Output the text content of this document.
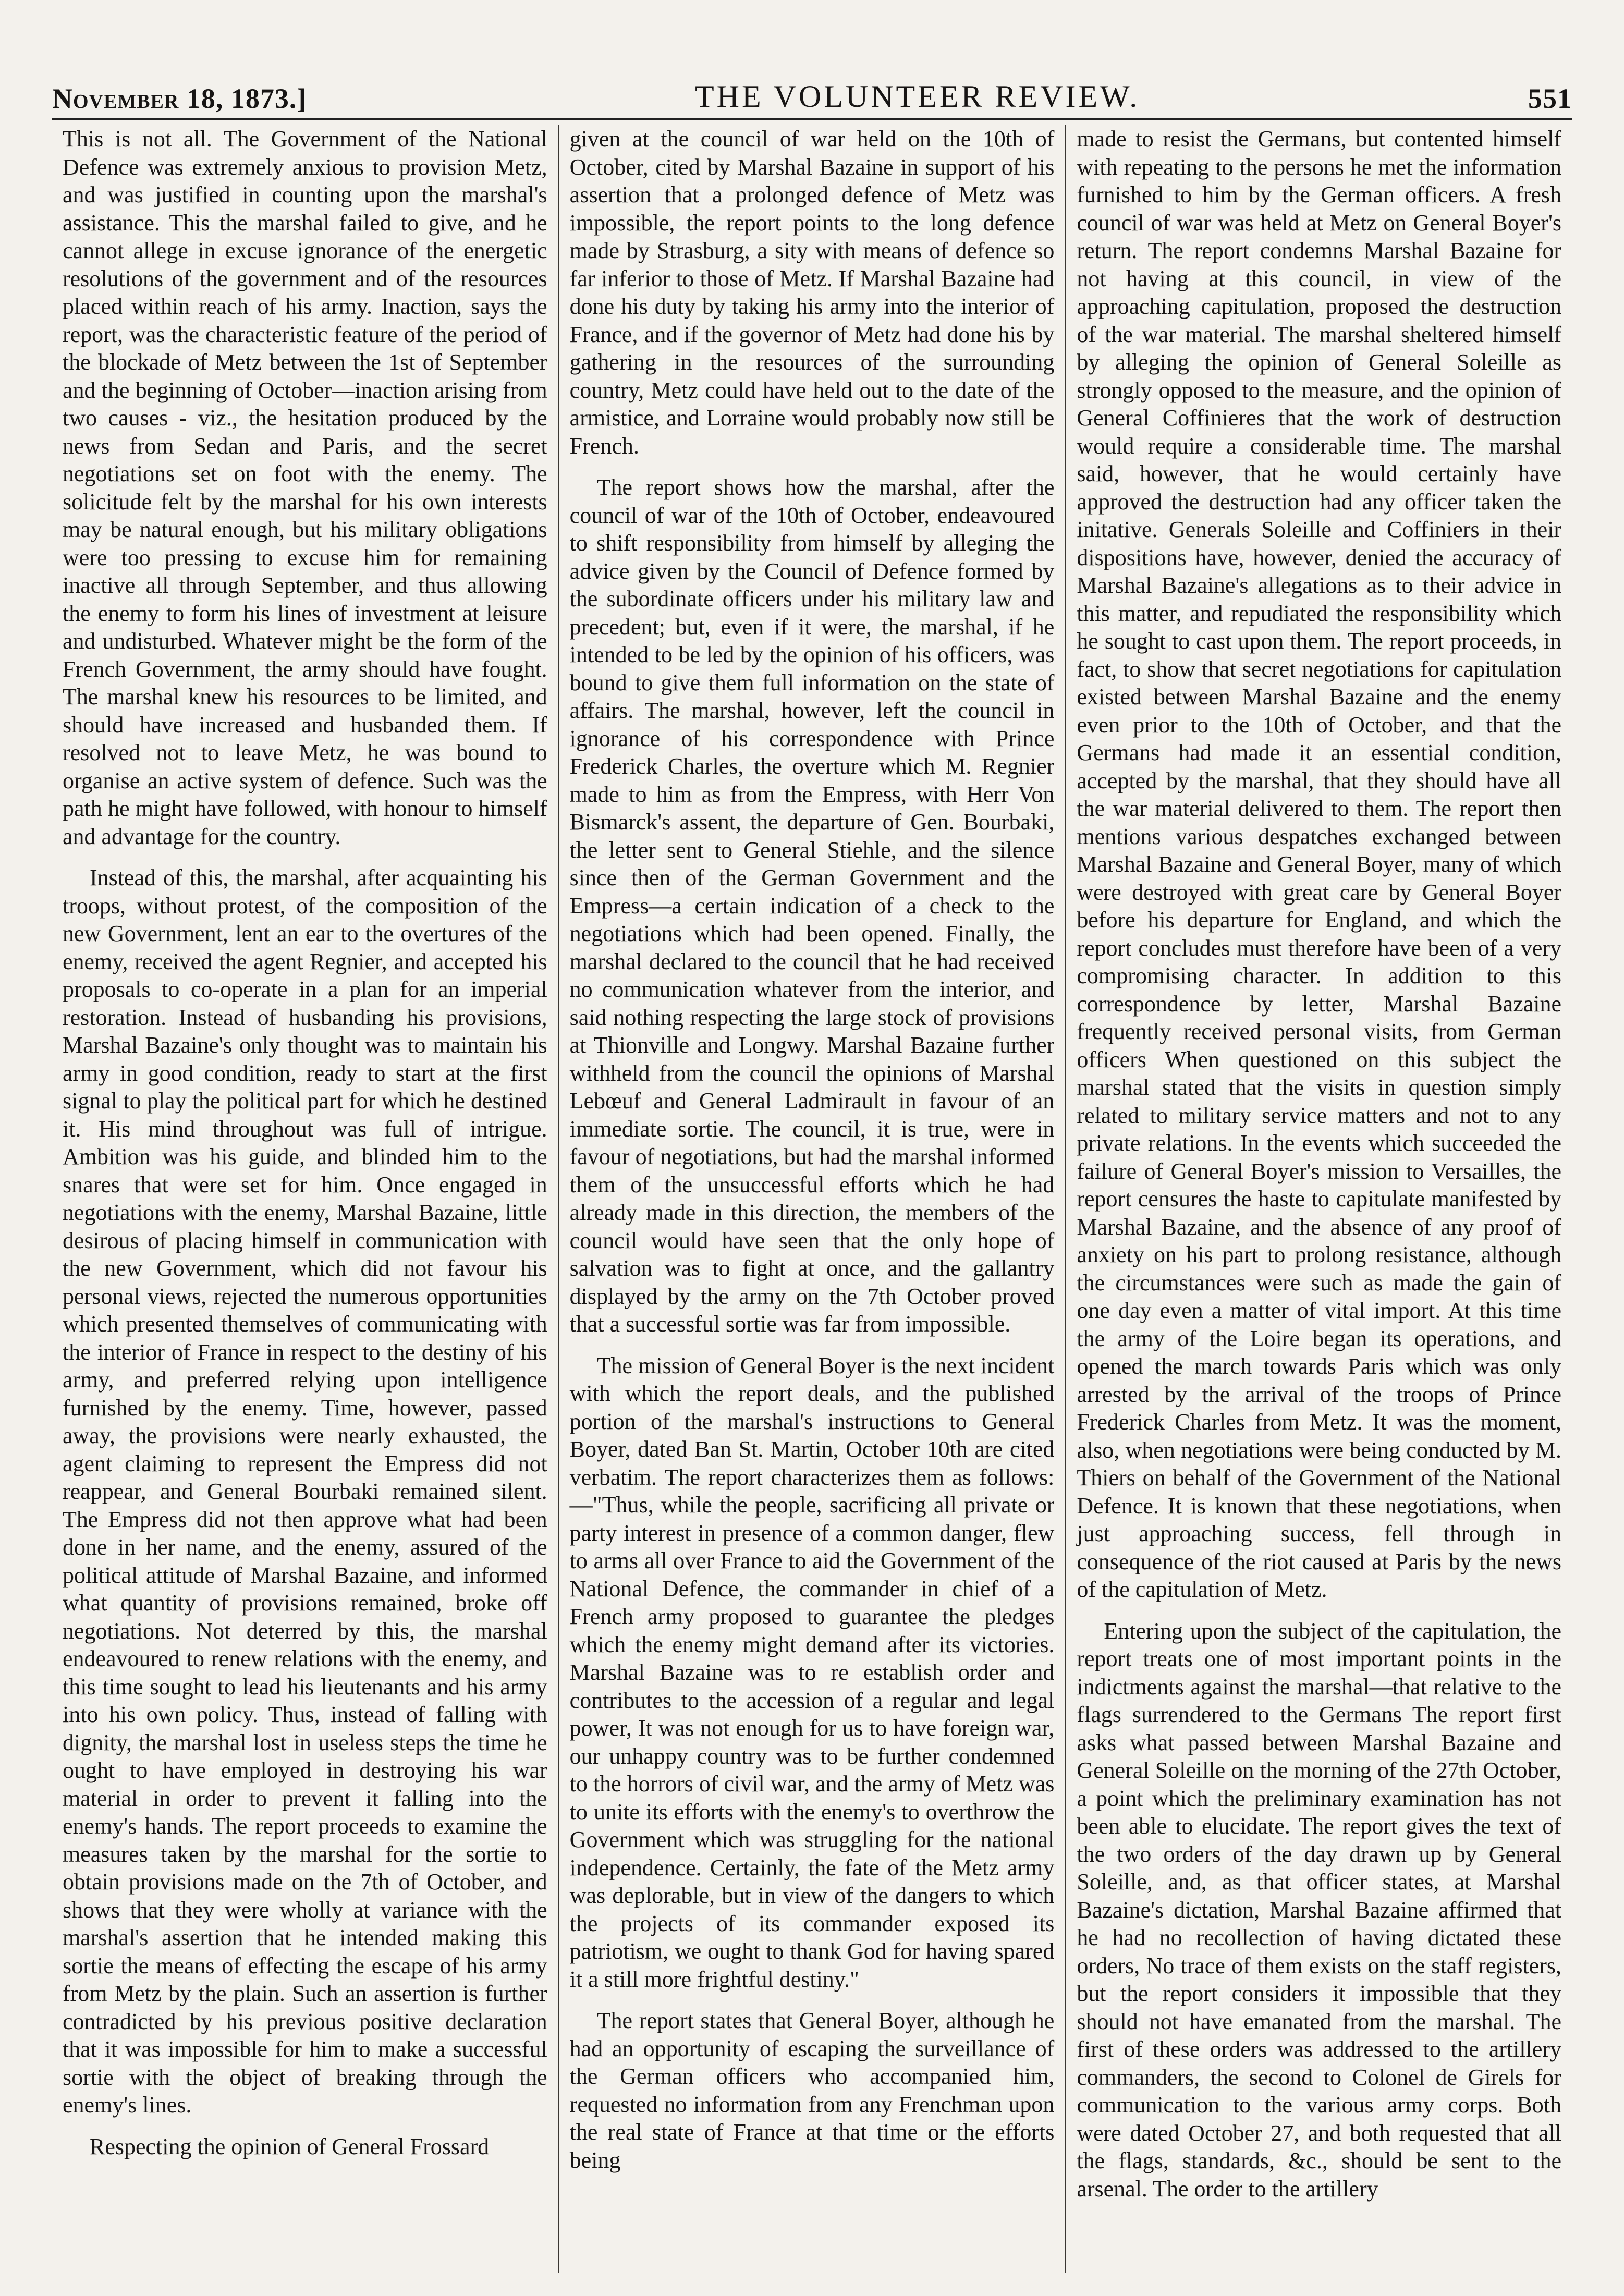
November 18, 1873.]	THE VOLUNTEER REVIEW.	551

This is not all. The Government of the National Defence was extremely anxious to provision Metz, and was justified in counting upon the marshal's assistance. This the marshal failed to give, and he cannot allege in excuse ignorance of the energetic resolutions of the government and of the resources placed within reach of his army. Inaction, says the report, was the characteristic feature of the period of the blockade of Metz between the 1st of September and the beginning of October—inaction arising from two causes - viz., the hesitation produced by the news from Sedan and Paris, and the secret negotiations set on foot with the enemy. The solicitude felt by the marshal for his own interests may be natural enough, but his military obligations were too pressing to excuse him for remaining inactive all through September, and thus allowing the enemy to form his lines of investment at leisure and undisturbed. Whatever might be the form of the French Government, the army should have fought. The marshal knew his resources to be limited, and should have increased and husbanded them. If resolved not to leave Metz, he was bound to organise an active system of defence. Such was the path he might have followed, with honour to himself and advantage for the country.

Instead of this, the marshal, after acquainting his troops, without protest, of the composition of the new Government, lent an ear to the overtures of the enemy, received the agent Regnier, and accepted his proposals to co-operate in a plan for an imperial restoration. Instead of husbanding his provisions, Marshal Bazaine's only thought was to maintain his army in good condition, ready to start at the first signal to play the political part for which he destined it. His mind throughout was full of intrigue. Ambition was his guide, and blinded him to the snares that were set for him. Once engaged in negotiations with the enemy, Marshal Bazaine, little desirous of placing himself in communication with the new Government, which did not favour his personal views, rejected the numerous opportunities which presented themselves of communicating with the interior of France in respect to the destiny of his army, and preferred relying upon intelligence furnished by the enemy. Time, however, passed away, the provisions were nearly exhausted, the agent claiming to represent the Empress did not reappear, and General Bourbaki remained silent. The Empress did not then approve what had been done in her name, and the enemy, assured of the political attitude of Marshal Bazaine, and informed what quantity of provisions remained, broke off negotiations. Not deterred by this, the marshal endeavoured to renew relations with the enemy, and this time sought to lead his lieutenants and his army into his own policy. Thus, instead of falling with dignity, the marshal lost in useless steps the time he ought to have employed in destroying his war material in order to prevent it falling into the enemy's hands. The report proceeds to examine the measures taken by the marshal for the sortie to obtain provisions made on the 7th of October, and shows that they were wholly at variance with the marshal's assertion that he intended making this sortie the means of effecting the escape of his army from Metz by the plain. Such an assertion is further contradicted by his previous positive declaration that it was impossible for him to make a successful sortie with the object of breaking through the enemy's lines.

Respecting the opinion of General Frossard

given at the council of war held on the 10th of October, cited by Marshal Bazaine in support of his assertion that a prolonged defence of Metz was impossible, the report points to the long defence made by Strasburg, a sity with means of defence so far inferior to those of Metz. If Marshal Bazaine had done his duty by taking his army into the interior of France, and if the governor of Metz had done his by gathering in the resources of the surrounding country, Metz could have held out to the date of the armistice, and Lorraine would probably now still be French.

The report shows how the marshal, after the council of war of the 10th of October, endeavoured to shift responsibility from himself by alleging the advice given by the Council of Defence formed by the subordinate officers under his military law and precedent; but, even if it were, the marshal, if he intended to be led by the opinion of his officers, was bound to give them full information on the state of affairs. The marshal, however, left the council in ignorance of his correspondence with Prince Frederick Charles, the overture which M. Regnier made to him as from the Empress, with Herr Von Bismarck's assent, the departure of Gen. Bourbaki, the letter sent to General Stiehle, and the silence since then of the German Government and the Empress—a certain indication of a check to the negotiations which had been opened. Finally, the marshal declared to the council that he had received no communication whatever from the interior, and said nothing respecting the large stock of provisions at Thionville and Longwy. Marshal Bazaine further withheld from the council the opinions of Marshal Lebœuf and General Ladmirault in favour of an immediate sortie. The council, it is true, were in favour of negotiations, but had the marshal informed them of the unsuccessful efforts which he had already made in this direction, the members of the council would have seen that the only hope of salvation was to fight at once, and the gallantry displayed by the army on the 7th October proved that a successful sortie was far from impossible.

The mission of General Boyer is the next incident with which the report deals, and the published portion of the marshal's instructions to General Boyer, dated Ban St. Martin, October 10th are cited verbatim. The report characterizes them as follows:—"Thus, while the people, sacrificing all private or party interest in presence of a common danger, flew to arms all over France to aid the Government of the National Defence, the commander in chief of a French army proposed to guarantee the pledges which the enemy might demand after its victories. Marshal Bazaine was to re establish order and contributes to the accession of a regular and legal power, It was not enough for us to have foreign war, our unhappy country was to be further condemned to the horrors of civil war, and the army of Metz was to unite its efforts with the enemy's to overthrow the Government which was struggling for the national independence. Certainly, the fate of the Metz army was deplorable, but in view of the dangers to which the projects of its commander exposed its patriotism, we ought to thank God for having spared it a still more frightful destiny."

The report states that General Boyer, although he had an opportunity of escaping the surveillance of the German officers who accompanied him, requested no information from any Frenchman upon the real state of France at that time or the efforts being

made to resist the Germans, but contented himself with repeating to the persons he met the information furnished to him by the German officers. A fresh council of war was held at Metz on General Boyer's return. The report condemns Marshal Bazaine for not having at this council, in view of the approaching capitulation, proposed the destruction of the war material. The marshal sheltered himself by alleging the opinion of General Soleille as strongly opposed to the measure, and the opinion of General Coffinieres that the work of destruction would require a considerable time. The marshal said, however, that he would certainly have approved the destruction had any officer taken the initative. Generals Soleille and Coffiniers in their dispositions have, however, denied the accuracy of Marshal Bazaine's allegations as to their advice in this matter, and repudiated the responsibility which he sought to cast upon them. The report proceeds, in fact, to show that secret negotiations for capitulation existed between Marshal Bazaine and the enemy even prior to the 10th of October, and that the Germans had made it an essential condition, accepted by the marshal, that they should have all the war material delivered to them. The report then mentions various despatches exchanged between Marshal Bazaine and General Boyer, many of which were destroyed with great care by General Boyer before his departure for England, and which the report concludes must therefore have been of a very compromising character. In addition to this correspondence by letter, Marshal Bazaine frequently received personal visits, from German officers When questioned on this subject the marshal stated that the visits in question simply related to military service matters and not to any private relations. In the events which succeeded the failure of General Boyer's mission to Versailles, the report censures the haste to capitulate manifested by Marshal Bazaine, and the absence of any proof of anxiety on his part to prolong resistance, although the circumstances were such as made the gain of one day even a matter of vital import. At this time the army of the Loire began its operations, and opened the march towards Paris which was only arrested by the arrival of the troops of Prince Frederick Charles from Metz. It was the moment, also, when negotiations were being conducted by M. Thiers on behalf of the Government of the National Defence. It is known that these negotiations, when just approaching success, fell through in consequence of the riot caused at Paris by the news of the capitulation of Metz.

Entering upon the subject of the capitulation, the report treats one of most important points in the indictments against the marshal—that relative to the flags surrendered to the Germans The report first asks what passed between Marshal Bazaine and General Soleille on the morning of the 27th October, a point which the preliminary examination has not been able to elucidate. The report gives the text of the two orders of the day drawn up by General Soleille, and, as that officer states, at Marshal Bazaine's dictation, Marshal Bazaine affirmed that he had no recollection of having dictated these orders, No trace of them exists on the staff registers, but the report considers it impossible that they should not have emanated from the marshal. The first of these orders was addressed to the artillery commanders, the second to Colonel de Girels for communication to the various army corps. Both were dated October 27, and both requested that all the flags, standards, &c., should be sent to the arsenal. The order to the artillery
